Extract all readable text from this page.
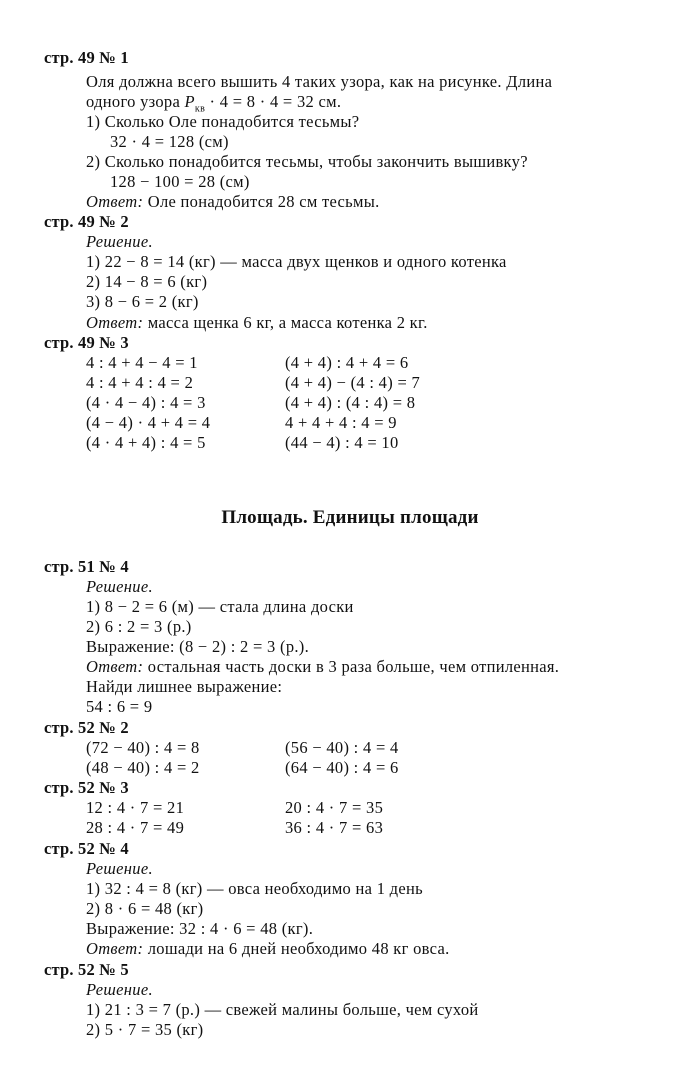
стр. 49 № 1
Оля должна всего вышить 4 таких узора, как на рисунке. Длина
одного узора $P_{кв} \cdot 4 = 8 \cdot 4 = 32$ см.
1) Сколько Оле понадобится тесьмы?
32 · 4 = 128 (см)
2) Сколько понадобится тесьмы, чтобы закончить вышивку?
128 − 100 = 28 (см)
Ответ: Оле понадобится 28 см тесьмы.
стр. 49 № 2
Решение.
1) 22 − 8 = 14 (кг) — масса двух щенков и одного котенка
2) 14 − 8 = 6 (кг)
3) 8 − 6 = 2 (кг)
Ответ: масса щенка 6 кг, а масса котенка 2 кг.
стр. 49 № 3
4 : 4 + 4 − 4 = 1
4 : 4 + 4 : 4 = 2
(4 · 4 − 4) : 4 = 3
(4 − 4) · 4 + 4 = 4
(4 · 4 + 4) : 4 = 5
(4 + 4) : 4 + 4 = 6
(4 + 4) − (4 : 4) = 7
(4 + 4) : (4 : 4) = 8
4 + 4 + 4 : 4 = 9
(44 − 4) : 4 = 10
Площадь. Единицы площади
стр. 51 № 4
Решение.
1) 8 − 2 = 6 (м) — стала длина доски
2) 6 : 2 = 3 (р.)
Выражение: (8 − 2) : 2 = 3 (р.).
Ответ: остальная часть доски в 3 раза больше, чем отпиленная.
Найди лишнее выражение:
54 : 6 = 9
стр. 52 № 2
(72 − 40) : 4 = 8
(48 − 40) : 4 = 2
(56 − 40) : 4 = 4
(64 − 40) : 4 = 6
стр. 52 № 3
12 : 4 · 7 = 21
28 : 4 · 7 = 49
20 : 4 · 7 = 35
36 : 4 · 7 = 63
стр. 52 № 4
Решение.
1) 32 : 4 = 8 (кг) — овса необходимо на 1 день
2) 8 · 6 = 48 (кг)
Выражение: 32 : 4 · 6 = 48 (кг).
Ответ: лошади на 6 дней необходимо 48 кг овса.
стр. 52 № 5
Решение.
1) 21 : 3 = 7 (р.) — свежей малины больше, чем сухой
2) 5 · 7 = 35 (кг)
